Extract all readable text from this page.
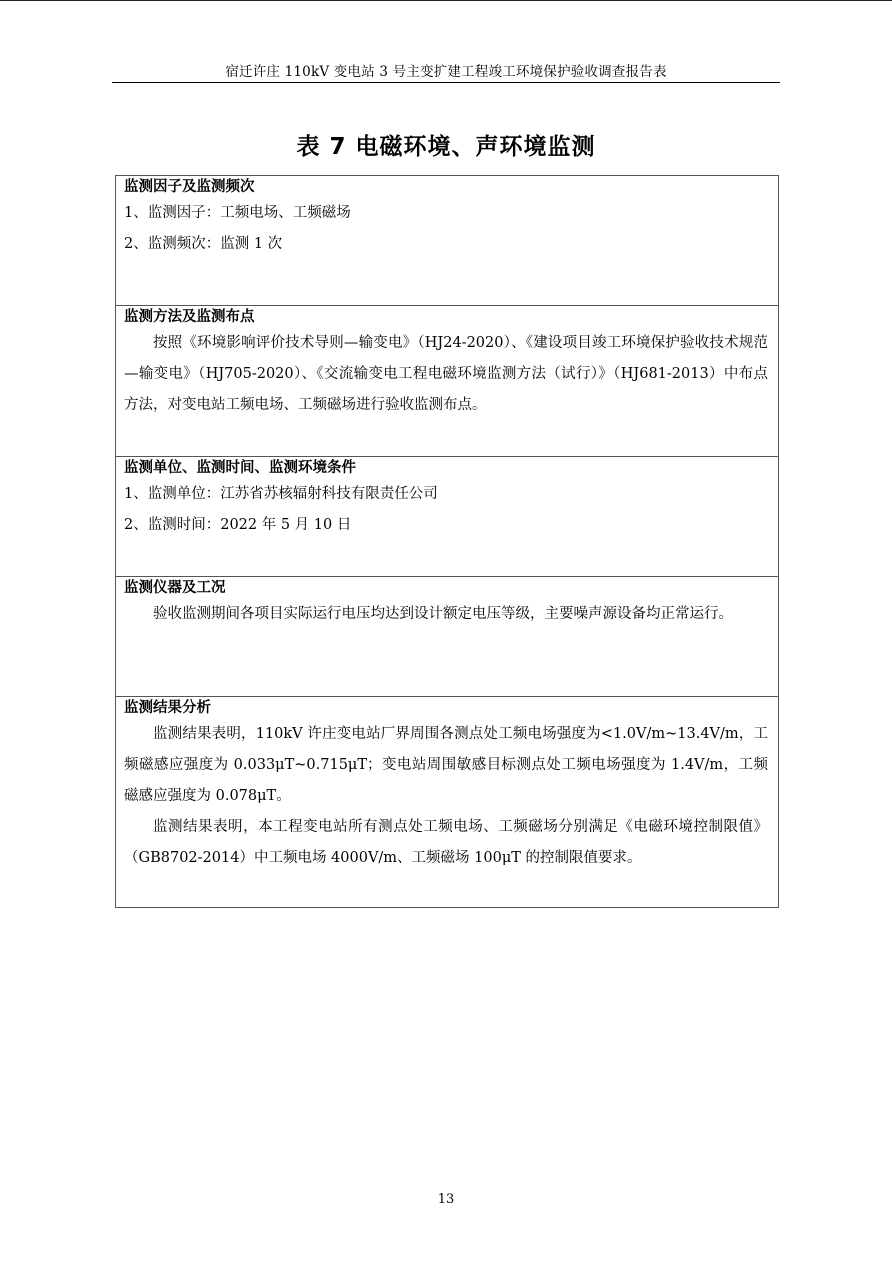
宿迁许庄 110kV 变电站 3 号主变扩建工程竣工环境保护验收调查报告表
表 7 电磁环境、声环境监测
监测因子及监测频次
1、监测因子：工频电场、工频磁场
2、监测频次：监测 1 次
监测方法及监测布点
按照《环境影响评价技术导则—输变电》（HJ24-2020）、《建设项目竣工环境保护验收技术规范—输变电》（HJ705-2020）、《交流输变电工程电磁环境监测方法（试行）》（HJ681-2013）中布点方法，对变电站工频电场、工频磁场进行验收监测布点。
监测单位、监测时间、监测环境条件
1、监测单位：江苏省苏核辐射科技有限责任公司
2、监测时间：2022 年 5 月 10 日
监测仪器及工况
验收监测期间各项目实际运行电压均达到设计额定电压等级，主要噪声源设备均正常运行。
监测结果分析
监测结果表明，110kV 许庄变电站厂界周围各测点处工频电场强度为<1.0V/m~13.4V/m，工频磁感应强度为 0.033μT~0.715μT；变电站周围敏感目标测点处工频电场强度为 1.4V/m，工频磁感应强度为 0.078μT。
监测结果表明，本工程变电站所有测点处工频电场、工频磁场分别满足《电磁环境控制限值》（GB8702-2014）中工频电场 4000V/m、工频磁场 100μT 的控制限值要求。
13
